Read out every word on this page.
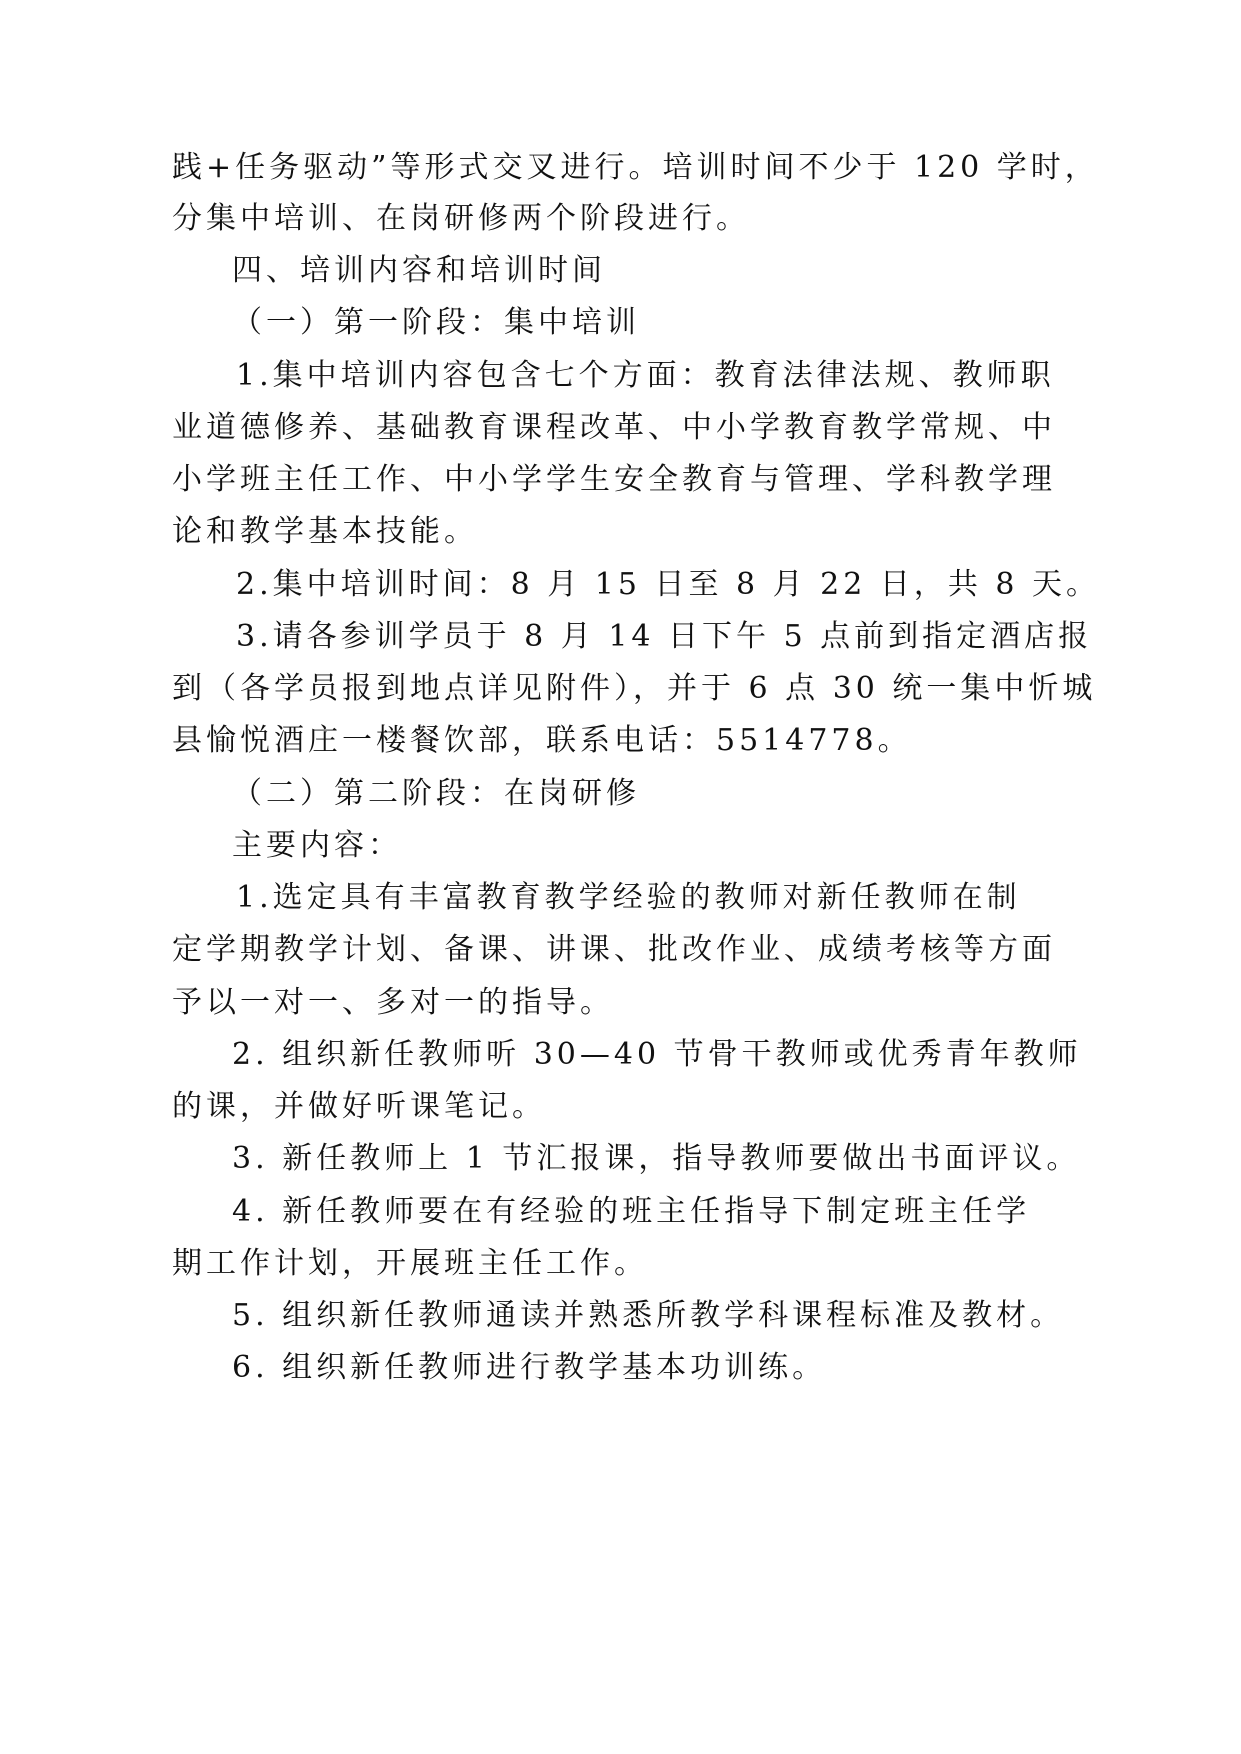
践+任务驱动”等形式交叉进行。培训时间不少于 120 学时，
分集中培训、在岗研修两个阶段进行。
四、培训内容和培训时间
（一）第一阶段：集中培训
1.集中培训内容包含七个方面：教育法律法规、教师职
业道德修养、基础教育课程改革、中小学教育教学常规、中
小学班主任工作、中小学学生安全教育与管理、学科教学理
论和教学基本技能。
2.集中培训时间：8 月 15 日至 8 月 22 日，共 8 天。
3.请各参训学员于 8 月 14 日下午 5 点前到指定酒店报
到（各学员报到地点详见附件），并于 6 点 30 统一集中忻城
县愉悦酒庄一楼餐饮部，联系电话：5514778。
（二）第二阶段：在岗研修
主要内容：
1.选定具有丰富教育教学经验的教师对新任教师在制
定学期教学计划、备课、讲课、批改作业、成绩考核等方面
予以一对一、多对一的指导。
2. 组织新任教师听 30—40 节骨干教师或优秀青年教师
的课，并做好听课笔记。
3. 新任教师上 1 节汇报课，指导教师要做出书面评议。
4. 新任教师要在有经验的班主任指导下制定班主任学
期工作计划，开展班主任工作。
5. 组织新任教师通读并熟悉所教学科课程标准及教材。
6. 组织新任教师进行教学基本功训练。
